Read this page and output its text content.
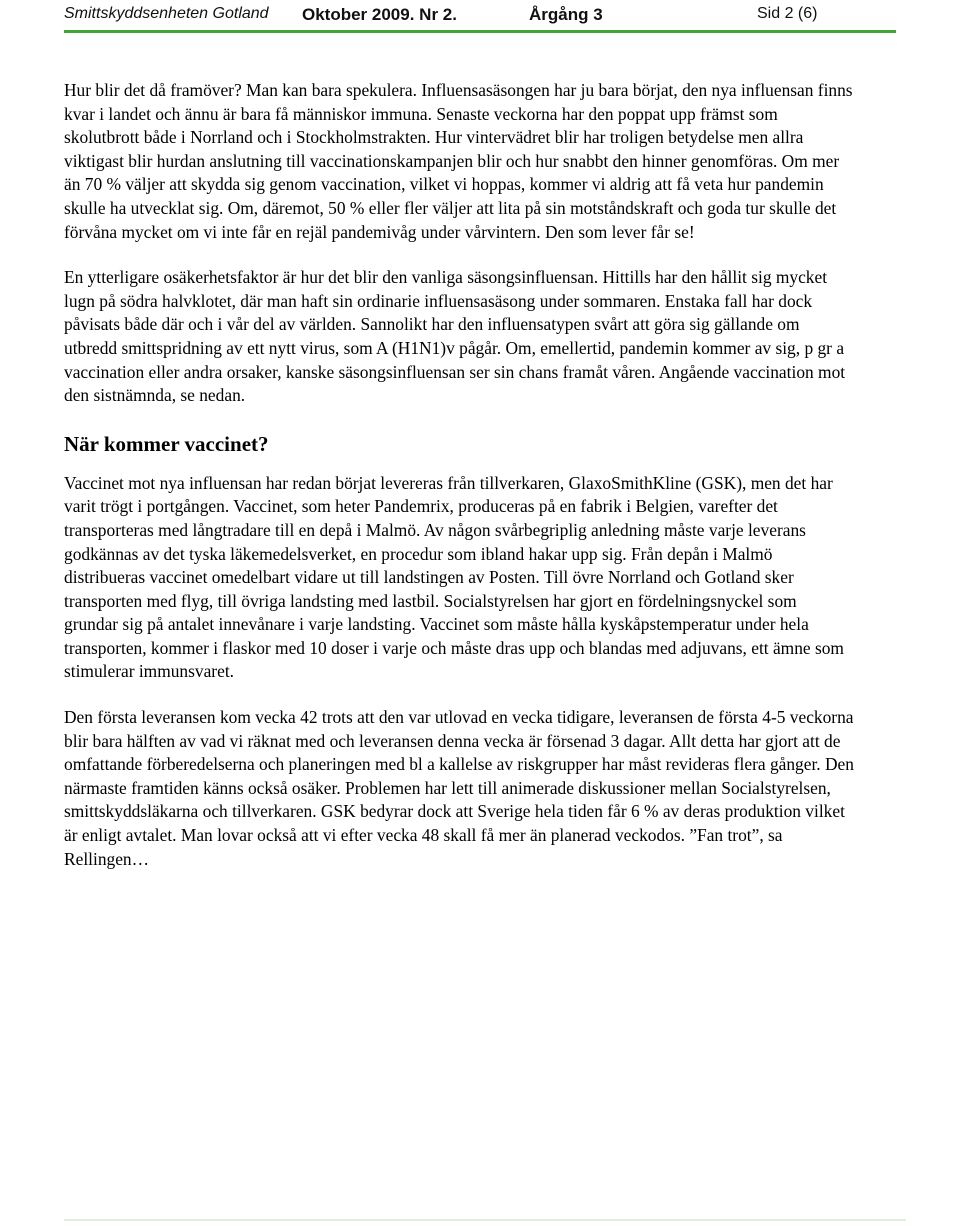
Smittskyddsenheten Gotland Oktober 2009. Nr 2.	Årgång 3	Sid 2 (6)

Hur blir det då framöver? Man kan bara spekulera. Influensasäsongen har ju bara börjat, den nya influensan finns kvar i landet och ännu är bara få människor immuna. Senaste veckorna har den poppat upp främst som skolutbrott både i Norrland och i Stockholmstrakten. Hur vintervädret blir har troligen betydelse men allra viktigast blir hurdan anslutning till vaccinationskampanjen blir och hur snabbt den hinner genomföras. Om mer än 70 % väljer att skydda sig genom vaccination, vilket vi hoppas, kommer vi aldrig att få veta hur pandemin skulle ha utvecklat sig. Om, däremot, 50 % eller fler väljer att lita på sin motståndskraft och goda tur skulle det förvåna mycket om vi inte får en rejäl pandemivåg under vårvintern. Den som lever får se!

En ytterligare osäkerhetsfaktor är hur det blir den vanliga säsongsinfluensan. Hittills har den hållit sig mycket lugn på södra halvklotet, där man haft sin ordinarie influensasäsong under sommaren. Enstaka fall har dock påvisats både där och i vår del av världen. Sannolikt har den influensatypen svårt att göra sig gällande om utbredd smittspridning av ett nytt virus, som A (H1N1)v pågår. Om, emellertid, pandemin kommer av sig, p gr a vaccination eller andra orsaker, kanske säsongsinfluensan ser sin chans framåt våren. Angående vaccination mot den sistnämnda, se nedan.

När kommer vaccinet?

Vaccinet mot nya influensan har redan börjat levereras från tillverkaren, GlaxoSmithKline (GSK), men det har varit trögt i portgången. Vaccinet, som heter Pandemrix, produceras på en fabrik i Belgien, varefter det transporteras med långtradare till en depå i Malmö. Av någon svårbegriplig anledning måste varje leverans godkännas av det tyska läkemedelsverket, en procedur som ibland hakar upp sig. Från depån i Malmö distribueras vaccinet omedelbart vidare ut till landstingen av Posten. Till övre Norrland och Gotland sker transporten med flyg, till övriga landsting med lastbil. Socialstyrelsen har gjort en fördelningsnyckel som grundar sig på antalet innevånare i varje landsting. Vaccinet som måste hålla kyskåpstemperatur under hela transporten, kommer i flaskor med 10 doser i varje och måste dras upp och blandas med adjuvans, ett ämne som stimulerar immunsvaret.

Den första leveransen kom vecka 42 trots att den var utlovad en vecka tidigare, leveransen de första 4-5 veckorna blir bara hälften av vad vi räknat med och leveransen denna vecka är försenad 3 dagar. Allt detta har gjort att de omfattande förberedelserna och planeringen med bl a kallelse av riskgrupper har måst revideras flera gånger. Den närmaste framtiden känns också osäker. Problemen har lett till animerade diskussioner mellan Socialstyrelsen, smittskyddsläkarna och tillverkaren. GSK bedyrar dock att Sverige hela tiden får 6 % av deras produktion vilket är enligt avtalet. Man lovar också att vi efter vecka 48 skall få mer än planerad veckodos. ”Fan trot”, sa Rellingen…
